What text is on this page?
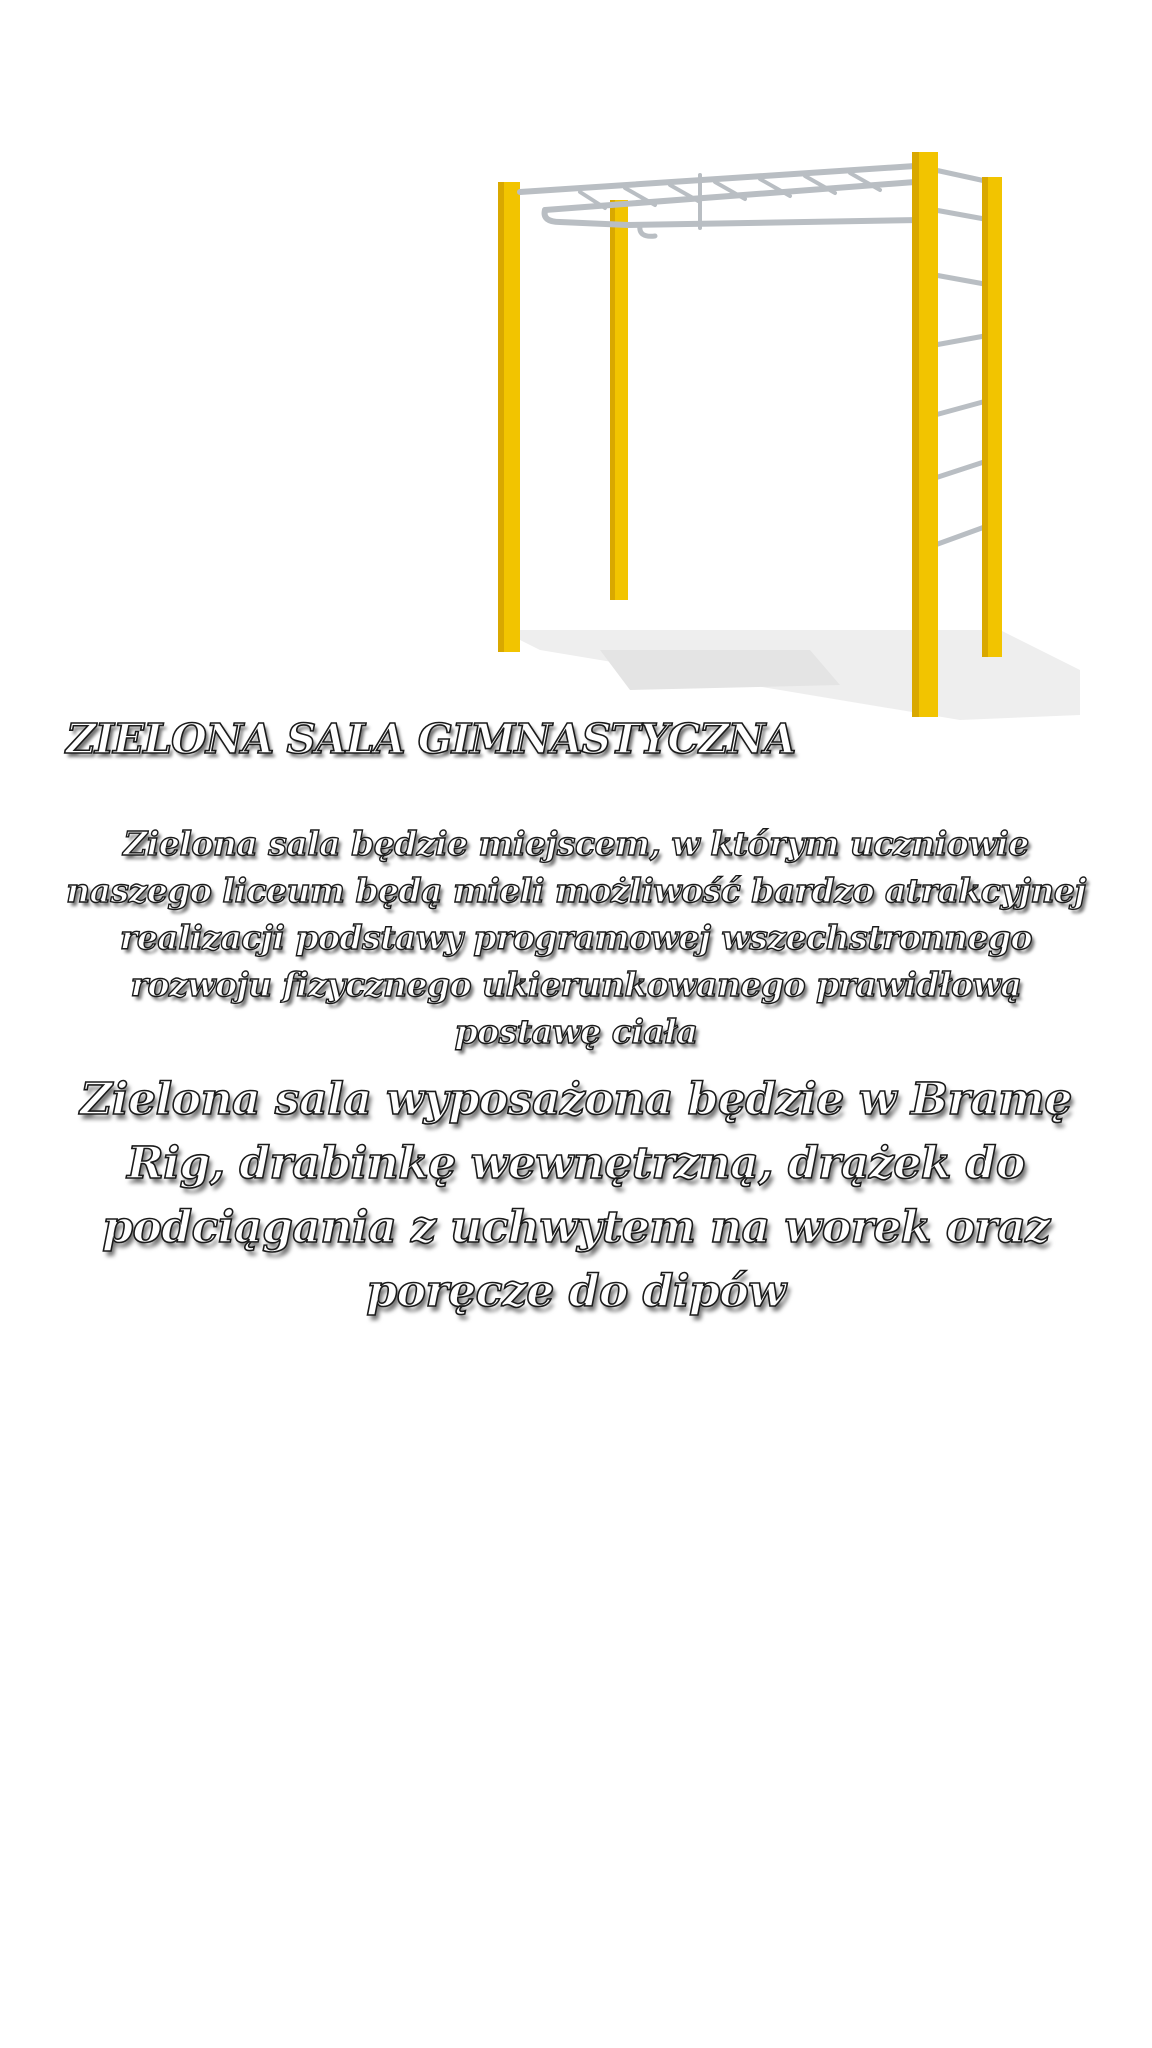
ZIELONA SALA GIMNASTYCZNA

Zielona sala będzie miejscem, w którym uczniowie naszego liceum będą mieli możliwość bardzo atrakcyjnej realizacji podstawy programowej wszechstronnego rozwoju fizycznego ukierunkowanego prawidłową postawę ciała

Zielona sala wyposażona będzie w Bramę Rig, drabinkę wewnętrzną, drążek do podciągania z uchwytem na worek oraz poręcze do dipów
